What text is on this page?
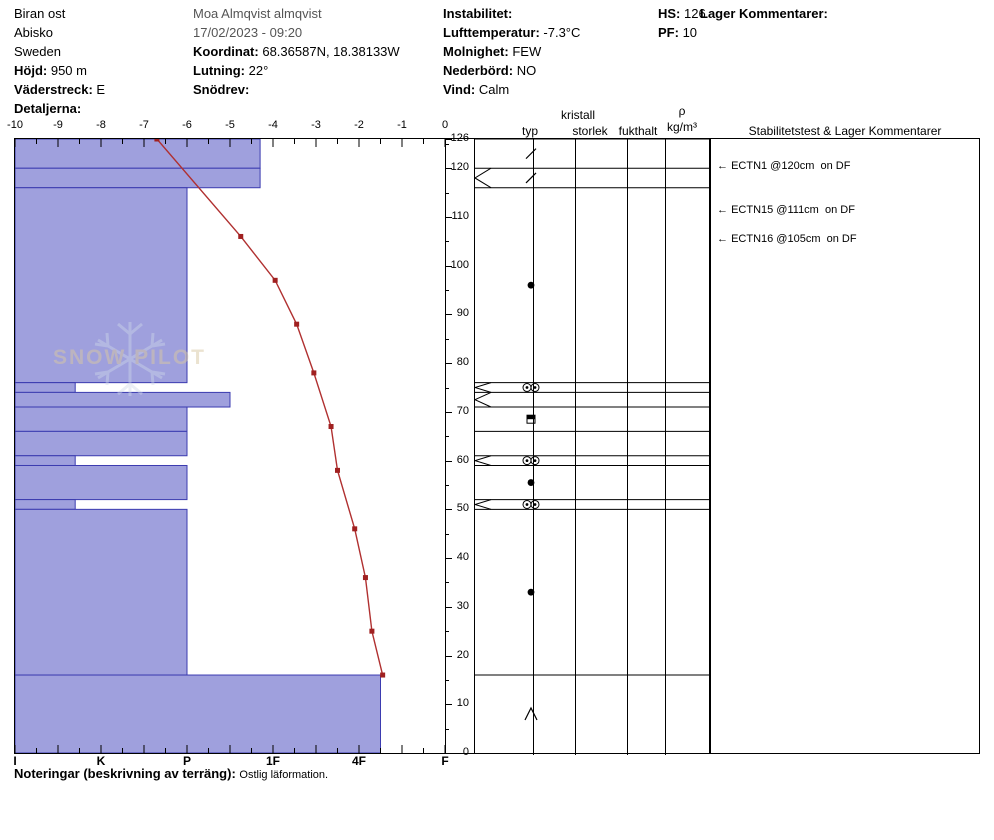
Biran ost
Abisko
Sweden
Höjd: 950 m
Väderstreck: E
Detaljerna:
Moa Almqvist almqvist
17/02/2023 - 09:20
Koordinat: 68.36587N, 18.38133W
Lutning: 22°
Snödrev:
Instabilitet:
Lufttemperatur: -7.3°C
Molnighet: FEW
Nederbörd: NO
Vind: Calm
HS: 126
PF: 10
Lager Kommentarer:
-10	-9	-8	-7	-6	-5	-4	-3	-2	-1	0
SNOW PILOT
I	K	P	1F	4F	F
0
10
20
30
40
50
60
70
80
90
100
110
120
126
← ECTN1 @120cm  on DF
← ECTN15 @111cm  on DF
← ECTN16 @105cm  on DF
kristall
typ	storlek fukthalt
ρ
kg/m³	Stabilitetstest & Lager Kommentarer
Noteringar (beskrivning av terräng): Ostlig läformation.
